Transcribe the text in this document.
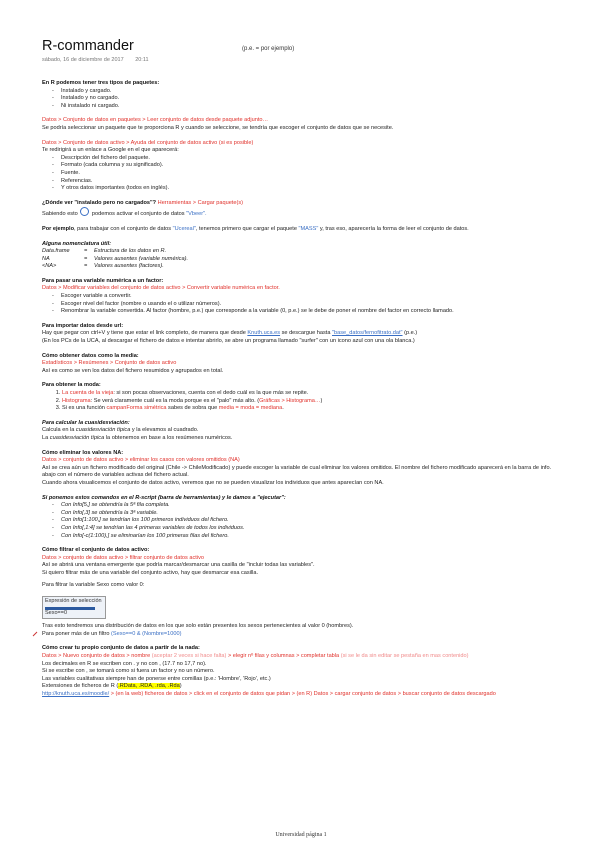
R-commander
sábado, 16 de diciembre de 2017 20:11
(p.e. = por ejemplo)

En R podemos tener tres tipos de paquetes:

- Instalado y cargado.
- Instalado y no cargado.
- Ni instalado ni cargado.

Datos > Conjunto de datos en paquetes > Leer conjunto de datos desde paquete adjunto…

Se podría seleccionar un paquete que te proporciona R y cuando se seleccione, se tendría que escoger el conjunto de datos que se necesite.

Datos > Conjunto de datos activo > Ayuda del conjunto de datos activo (si es posible)

Te redirigirá a un enlace a Google en el que aparecerá:

- Descripción del fichero del paquete.
- Formato (cada columna y su significado).
- Fuente.
- Referencias.
- Y otros datos importantes (todos en inglés).

¿Dónde ver "instalado pero no cargados"? Herramientas > Cargar paquete(s)

Sabiendo esto	podemos activar el conjunto de datos "Vbeer".

Por ejemplo, para trabajar con el conjunto de datos "Ucereal", tenemos primero que cargar el paquete "MASS" y, tras eso, aparecería la forma de leer el conjunto de datos.

Alguna nomenclatura útil:

Data.frame	= Estructura de los datos en R.

NA	= Valores ausentes (variable numérica).

<NA>	= Valores ausentes (factores).

Para pasar una variable numérica a un factor:

Datos > Modificar variables del conjunto de datos activo > Convertir variable numérica en factor.

- Escoger variable a convertir.
- Escoger nivel del factor (nombre o usando el o utilizar números).
- Renombrar la variable convertida. Al factor (hombre, p.e.) que corresponde a la variable (0, p.e.) se le debe de poner el nombre del factor en correcto llamado.

Para importar datos desde url:

Hay que pegar con ctrl+V y tiene que estar el link completo, de manera que desde Knuth.uca.es se descargue hasta "base_datos/fernofitrato.dat" (p.e.)

(En los PCs de la UCA, al descargar el fichero de datos e intentar abrirlo, se abre un programa llamado "surfer" con un icono azul con una ola blanca.)

Cómo obtener datos como la media:

Estadísticos > Resúmenes > Conjunto de datos activo

Así es como se ven los datos del fichero resumidos y agrupados en total.

Para obtener la moda:

1. La cuenta de la vieja: si son pocas observaciones, cuenta con el dedo cuál es la que más se repite.
2. Histograma: Se verá claramente cuál es la moda porque es el "palo" más alto. (Gráficas > Histograma…)
3. Si es una función campanForma simétrica sabes de sobra que media = moda = mediana.

Para calcular la cuasidesviación:

Calcula en la cuasidesviación típica y la elevamos al cuadrado.

La cuasidesviación típica la obtenemos en base a los resúmenes numéricos.

Cómo eliminar los valores NA:

Datos > conjunto de datos activo > eliminar los casos con valores omitidos (NA)

Así se crea aún un fichero modificado del original (Chile -> ChileModificado) y puede escoger la variable de cual eliminar los valores omitidos. El nombre del fichero modificado aparecerá en la barra de info. abajo con el número de variables activas del fichero actual.

Cuando ahora visualicemos el conjunto de datos activo, veremos que no se pueden visualizar los individuos que antes aparecían con NA.

Si ponemos estos comandos en el R-script (barra de herramientas) y le damos a "ejecutar":

- Con Info[5,] se obtendría la 5ª fila completa.
- Con Info[,3] se obtendría la 3ª variable.
- Con Info[1:100,] se tendrían los 100 primeros individuos del fichero.
- Con Info[,1:4] se tendrían las 4 primeras variables de todos los individuos.
- Con Info[-c(1:100),] se eliminarían los 100 primeras filas del fichero.

Cómo filtrar el conjunto de datos activo:

Datos > conjunto de datos activo > filtrar conjunto de datos activo

Así se abrirá una ventana emergente que podría marcar/desmarcar una casilla de "incluir todas las variables".

Si quiero filtrar más de una variable del conjunto activo, hay que desmarcar esa casilla.

Para filtrar la variable Sexo como valor 0:

Expresión de selección
Sexo==0

Tras esto tendremos una distribución de datos en los que solo están presentes los sexos pertenecientes al valor 0 (hombres).

Para poner más de un filtro (Sexo==0 & (Nombre=1000)

Cómo crear tu propio conjunto de datos a partir de la nada:

Datos > Nuevo conjunto de datos > nombre (aceptar 2 veces si hace falta) > elegir nº filas y columnas > completar tabla (si se le da sin editar se pestaña en mas contenido)

Los decimales en R se escriben con . y no con , (17.7 no 17,7 no).

Si se escribe con , se tomará como si fuera un factor y no un número.

Las variables cualitativas siempre han de ponerse entre comillas (p.e.: 'Hombre', 'Rojo', etc.)

Extensiones de ficheros de R (.RData, .RDA, .rda, .Rda)

http://knuth.uca.es/moodle/ > (en la web) ficheros de datos > click en el conjunto de datos que pidan > (en R) Datos > cargar conjunto de datos > buscar conjunto de datos descargado

Universidad página 1
